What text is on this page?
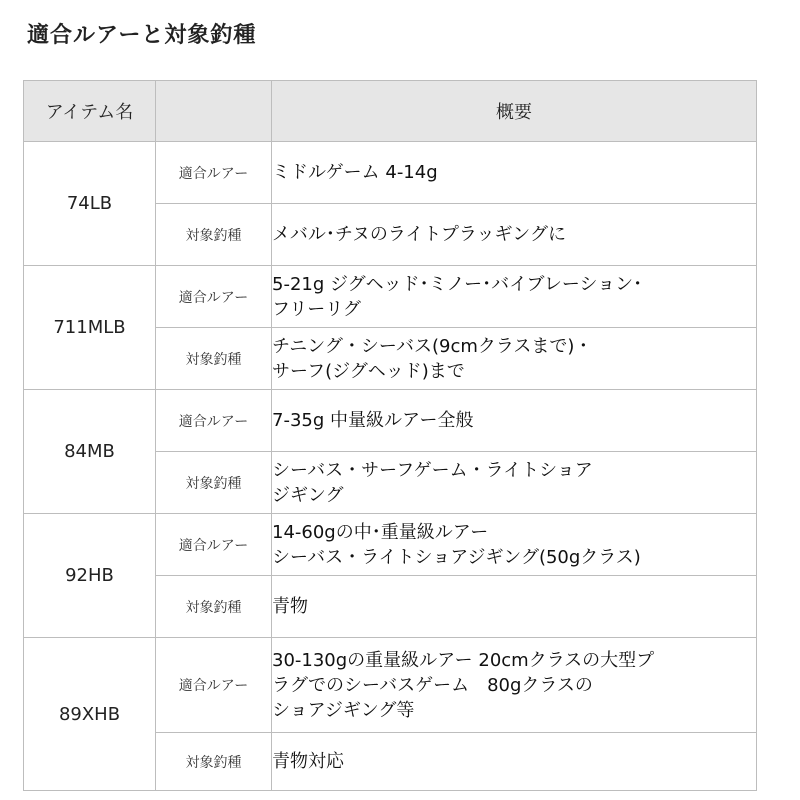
適合ルアーと対象釣種
アイテム名		概要
74LB	適合ルアー	ミドルゲーム 4-14g

	対象釣種	メバル･チヌのライトプラッギングに

711MLB	適合ルアー	5-21g ジグヘッド･ミノー･バイブレーション･
フリーリグ

	対象釣種	チニング・シーバス(9cmクラスまで)・
サーフ(ジグヘッド)まで

84MB	適合ルアー	7-35g 中量級ルアー全般

	対象釣種	シーバス・サーフゲーム・ライトショア
ジギング

92HB	適合ルアー	14-60gの中･重量級ルアー
シーバス・ライトショアジギング(50gクラス)

	対象釣種	青物

89XHB	適合ルアー	30-130gの重量級ルアー 20cmクラスの大型プ
ラグでのシーバスゲーム　80gクラスの
ショアジギング等

	対象釣種	青物対応
